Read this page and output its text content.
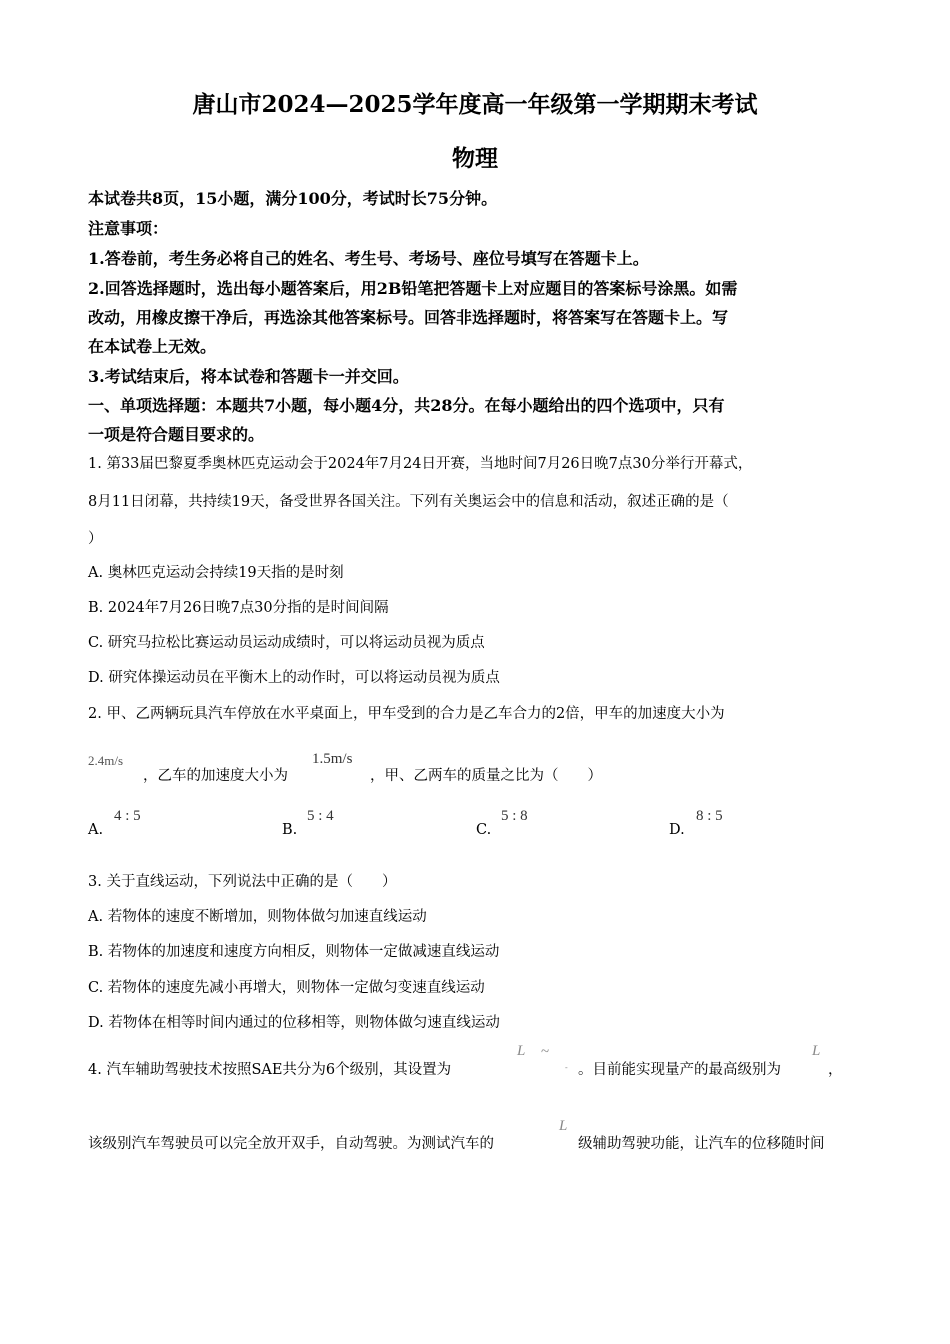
唐山市2024—2025学年度高一年级第一学期期末考试
物理
本试卷共8页，15小题，满分100分，考试时长75分钟。
注意事项：
1.答卷前，考生务必将自己的姓名、考生号、考场号、座位号填写在答题卡上。
2.回答选择题时，选出每小题答案后，用2B铅笔把答题卡上对应题目的答案标号涂黑。如需
改动，用橡皮擦干净后，再选涂其他答案标号。回答非选择题时，将答案写在答题卡上。写
在本试卷上无效。
3.考试结束后，将本试卷和答题卡一并交回。
一、单项选择题：本题共7小题，每小题4分，共28分。在每小题给出的四个选项中，只有
一项是符合题目要求的。
1. 第33届巴黎夏季奥林匹克运动会于2024年7月24日开赛，当地时间7月26日晚7点30分举行开幕式，
8月11日闭幕，共持续19天，备受世界各国关注。下列有关奥运会中的信息和活动，叙述正确的是（
）
A. 奥林匹克运动会持续19天指的是时刻
B. 2024年7月26日晚7点30分指的是时间间隔
C. 研究马拉松比赛运动员运动成绩时，可以将运动员视为质点
D. 研究体操运动员在平衡木上的动作时，可以将运动员视为质点
2. 甲、乙两辆玩具汽车停放在水平桌面上，甲车受到的合力是乙车合力的2倍，甲车的加速度大小为
2.4m/s
，乙车的加速度大小为
1.5m/s
，甲、乙两车的质量之比为（　　）
A.
4 : 5
B.
5 : 4
C.
5 : 8
D.
8 : 5
3. 关于直线运动，下列说法中正确的是（　　）
A. 若物体的速度不断增加，则物体做匀加速直线运动
B. 若物体的加速度和速度方向相反，则物体一定做减速直线运动
C. 若物体的速度先减小再增大，则物体一定做匀变速直线运动
D. 若物体在相等时间内通过的位移相等，则物体做匀速直线运动
4. 汽车辅助驾驶技术按照SAE共分为6个级别，其设置为
L ~
- 。目前能实现量产的最高级别为
L
，
该级别汽车驾驶员可以完全放开双手，自动驾驶。为测试汽车的
L
级辅助驾驶功能，让汽车的位移随时间
